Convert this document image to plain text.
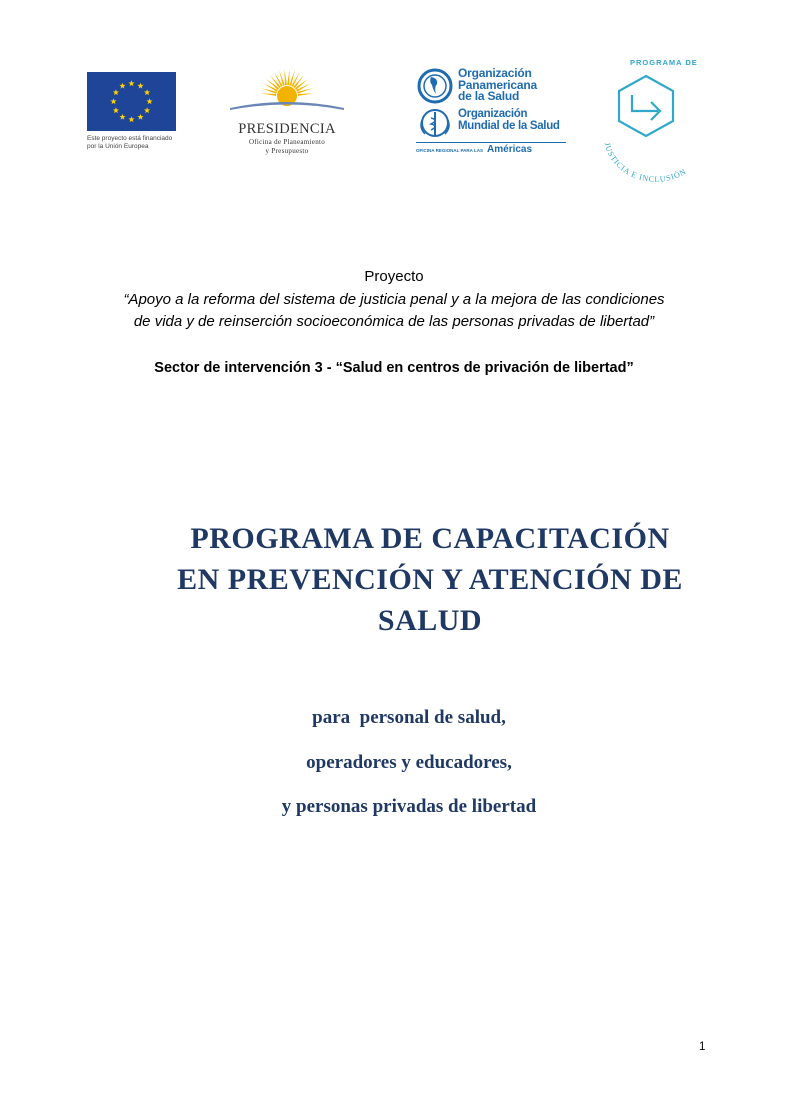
Este proyecto está financiado
por la Unión Europea
PRESIDENCIA
Oficina de Planeamiento
y Presupuesto
Organización
Panamericana
de la Salud
Organización
Mundial de la Salud
OFICINA REGIONAL PARA LAS Américas
PROGRAMA DE
JUSTICIA E INCLUSIÓN
Proyecto
“Apoyo a la reforma del sistema de justicia penal y a la mejora de las condiciones
de vida y de reinserción socioeconómica de las personas privadas de libertad”
Sector de intervención 3 - “Salud en centros de privación de libertad”
PROGRAMA DE CAPACITACIÓN
EN PREVENCIÓN Y ATENCIÓN DE
SALUD
para  personal de salud,
operadores y educadores,
y personas privadas de libertad
1
